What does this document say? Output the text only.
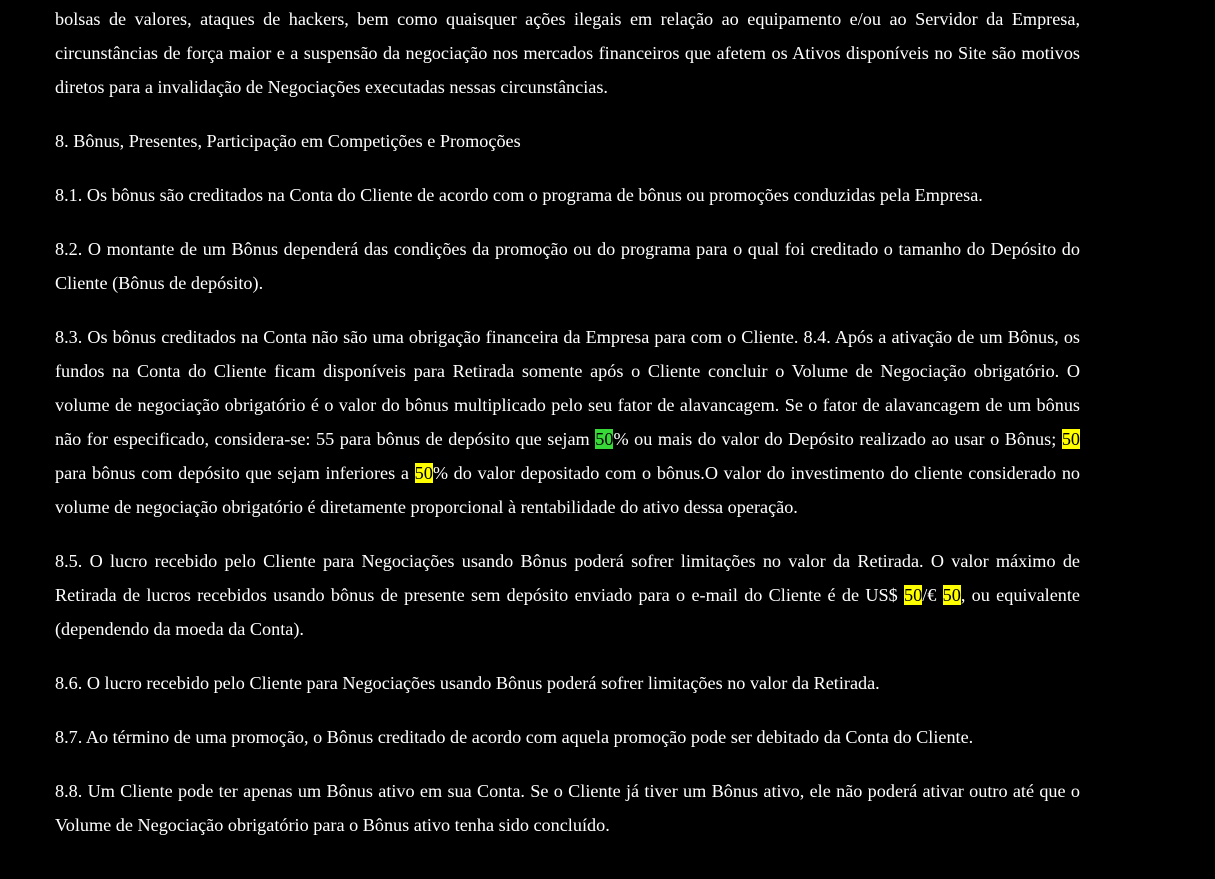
bolsas de valores, ataques de hackers, bem como quaisquer ações ilegais em relação ao equipamento e/ou ao Servidor da Empresa, circunstâncias de força maior e a suspensão da negociação nos mercados financeiros que afetem os Ativos disponíveis no Site são motivos diretos para a invalidação de Negociações executadas nessas circunstâncias.

8. Bônus, Presentes, Participação em Competições e Promoções

8.1. Os bônus são creditados na Conta do Cliente de acordo com o programa de bônus ou promoções conduzidas pela Empresa.

8.2. O montante de um Bônus dependerá das condições da promoção ou do programa para o qual foi creditado o tamanho do Depósito do Cliente (Bônus de depósito).

8.3. Os bônus creditados na Conta não são uma obrigação financeira da Empresa para com o Cliente. 8.4. Após a ativação de um Bônus, os fundos na Conta do Cliente ficam disponíveis para Retirada somente após o Cliente concluir o Volume de Negociação obrigatório. O volume de negociação obrigatório é o valor do bônus multiplicado pelo seu fator de alavancagem. Se o fator de alavancagem de um bônus não for especificado, considera-se: 55 para bônus de depósito que sejam 50% ou mais do valor do Depósito realizado ao usar o Bônus; 50 para bônus com depósito que sejam inferiores a 50% do valor depositado com o bônus.O valor do investimento do cliente considerado no volume de negociação obrigatório é diretamente proporcional à rentabilidade do ativo dessa operação.

8.5. O lucro recebido pelo Cliente para Negociações usando Bônus poderá sofrer limitações no valor da Retirada. O valor máximo de Retirada de lucros recebidos usando bônus de presente sem depósito enviado para o e-mail do Cliente é de US$ 50/€ 50, ou equivalente (dependendo da moeda da Conta).

8.6. O lucro recebido pelo Cliente para Negociações usando Bônus poderá sofrer limitações no valor da Retirada.

8.7. Ao término de uma promoção, o Bônus creditado de acordo com aquela promoção pode ser debitado da Conta do Cliente.

8.8. Um Cliente pode ter apenas um Bônus ativo em sua Conta. Se o Cliente já tiver um Bônus ativo, ele não poderá ativar outro até que o Volume de Negociação obrigatório para o Bônus ativo tenha sido concluído.
